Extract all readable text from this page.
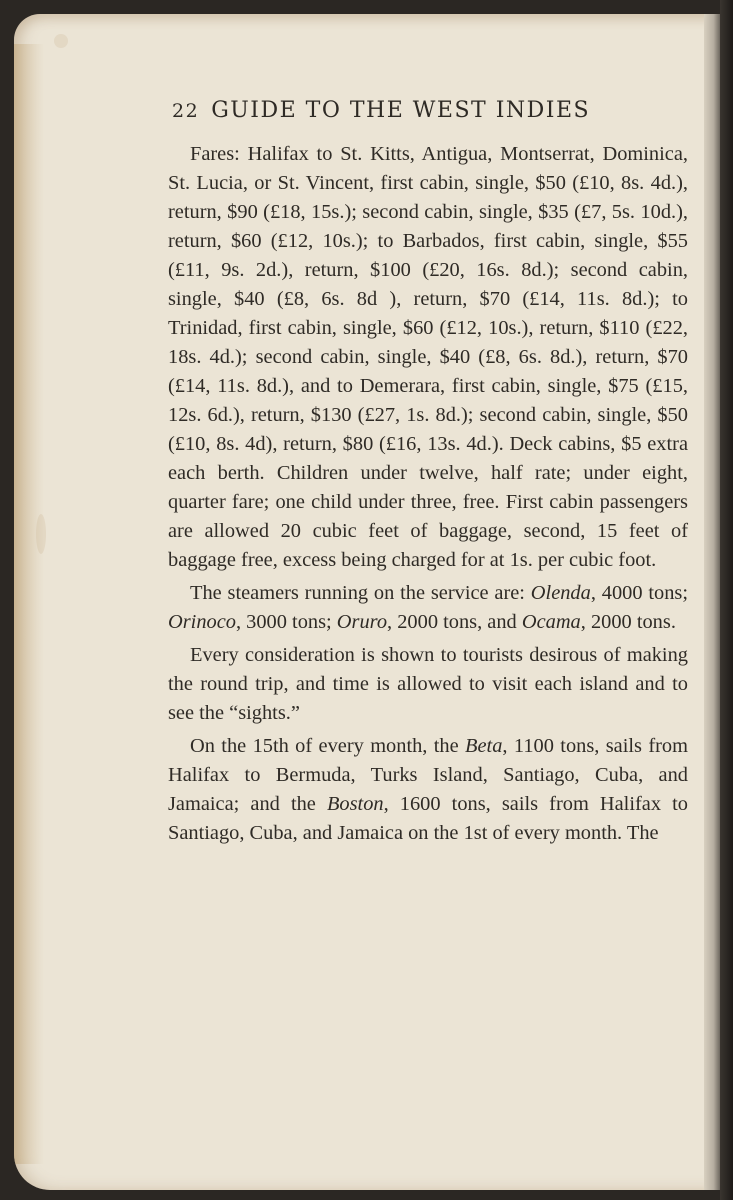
22 GUIDE TO THE WEST INDIES

Fares: Halifax to St. Kitts, Antigua, Montserrat, Dominica, St. Lucia, or St. Vincent, first cabin, single, $50 (£10, 8s. 4d.), return, $90 (£18, 15s.); second cabin, single, $35 (£7, 5s. 10d.), return, $60 (£12, 10s.); to Barbados, first cabin, single, $55 (£11, 9s. 2d.), return, $100 (£20, 16s. 8d.); second cabin, single, $40 (£8, 6s. 8d ), return, $70 (£14, 11s. 8d.); to Trinidad, first cabin, single, $60 (£12, 10s.), return, $110 (£22, 18s. 4d.); second cabin, single, $40 (£8, 6s. 8d.), return, $70 (£14, 11s. 8d.), and to Demerara, first cabin, single, $75 (£15, 12s. 6d.), return, $130 (£27, 1s. 8d.); second cabin, single, $50 (£10, 8s. 4d), return, $80 (£16, 13s. 4d.). Deck cabins, $5 extra each berth. Children under twelve, half rate; under eight, quarter fare; one child under three, free. First cabin passengers are allowed 20 cubic feet of baggage, second, 15 feet of baggage free, excess being charged for at 1s. per cubic foot.

The steamers running on the service are: Olenda, 4000 tons; Orinoco, 3000 tons; Oruro, 2000 tons, and Ocama, 2000 tons.

Every consideration is shown to tourists desirous of making the round trip, and time is allowed to visit each island and to see the “sights.”

On the 15th of every month, the Beta, 1100 tons, sails from Halifax to Bermuda, Turks Island, Santiago, Cuba, and Jamaica; and the Boston, 1600 tons, sails from Halifax to Santiago, Cuba, and Jamaica on the 1st of every month. The
